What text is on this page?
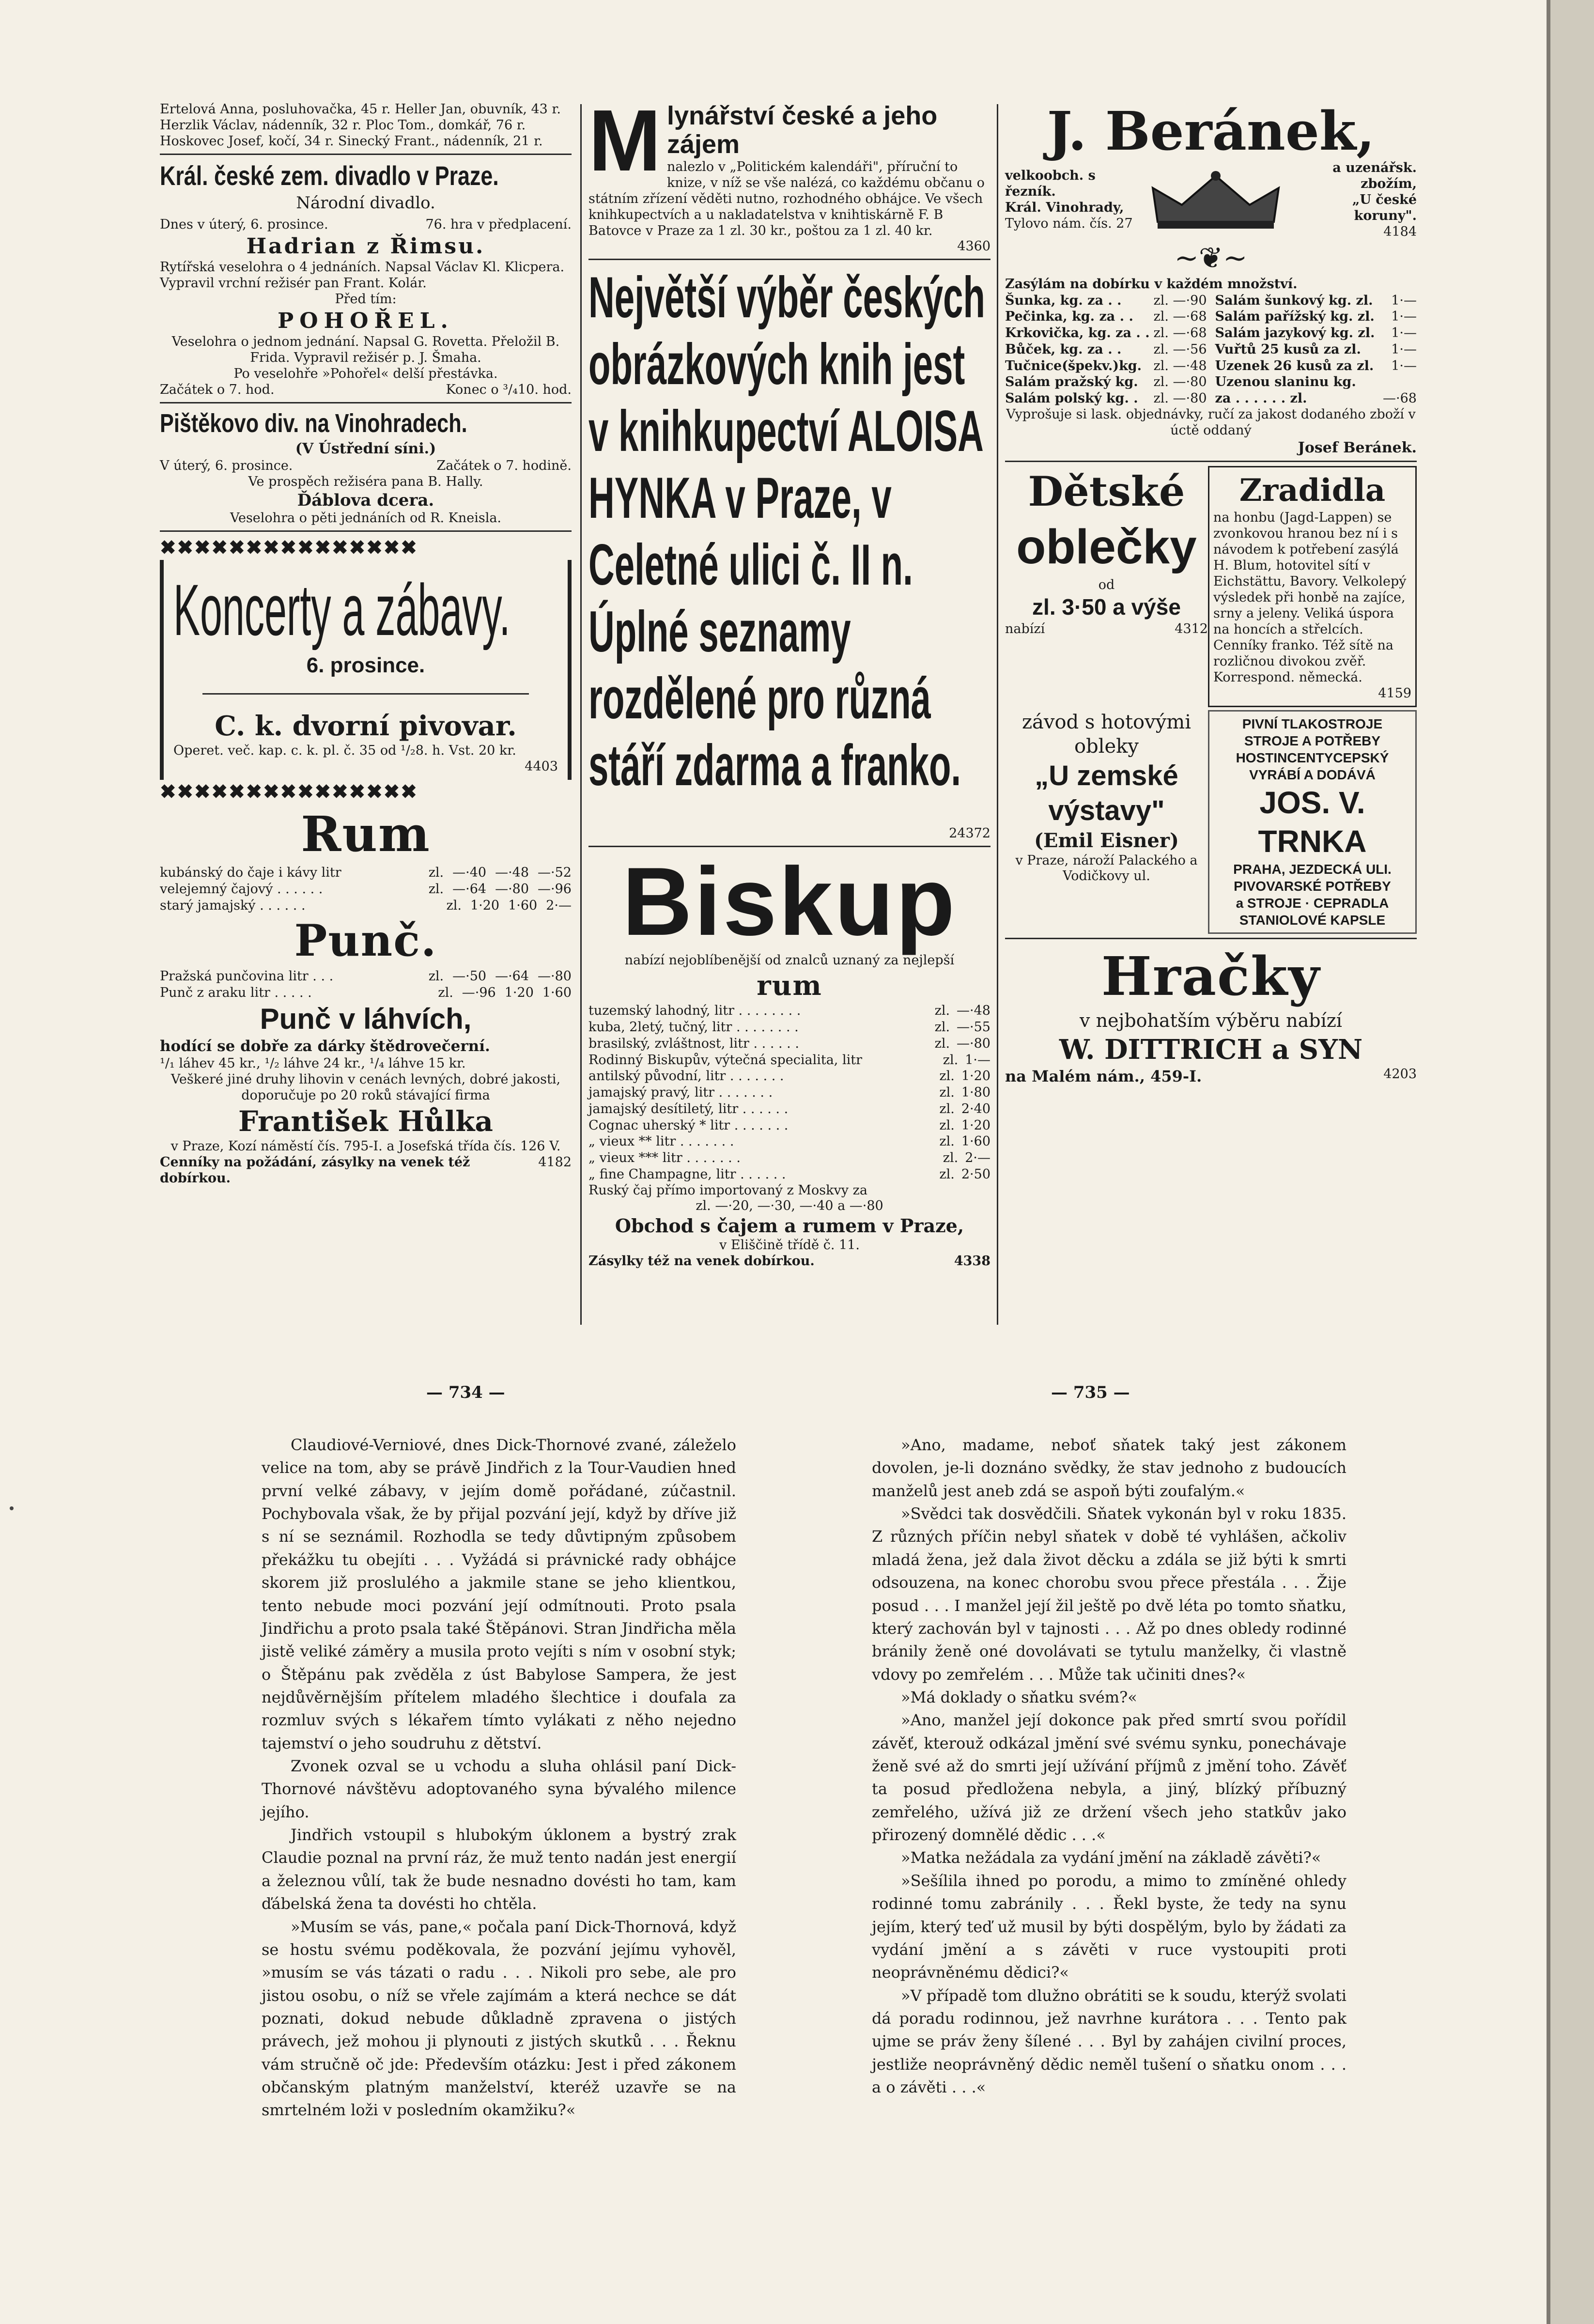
Ertelová Anna, posluhovačka, 45 r. Heller Jan, obuvník, 43 r. Herzlik Václav, nádenník, 32 r. Ploc Tom., domkář, 76 r. Hoskovec Josef, kočí, 34 r. Sinecký Frant., nádenník, 21 r.
Král. české zem. divadlo v Praze.
Národní divadlo.
Dnes v úterý, 6. prosince.	76. hra v předplacení.
Hadrian z Řimsu.
Rytířská veselohra o 4 jednáních. Napsal Václav Kl. Klicpera. Vypravil vrchní režisér pan Frant. Kolár.
Před tím:
POHOŘEL.
Veselohra o jednom jednání. Napsal G. Rovetta. Přeložil B. Frida. Vypravil režisér p. J. Šmaha.
Po veselohře »Pohořel« delší přestávka.
Začátek o 7. hod.	Konec o ³/₄10. hod.
Pištěkovo div. na Vinohradech.
(V Ústřední síni.)
V úterý, 6. prosince.	Začátek o 7. hodině.
Ve prospěch režiséra pana B. Hally.
Ďáblova dcera.
Veselohra o pěti jednáních od R. Kneisla.
✖✖✖✖✖✖✖✖✖✖✖✖✖✖✖
Koncerty a zábavy.
6. prosince.
C. k. dvorní pivovar.
Operet. več. kap. c. k. pl. č. 35 od ¹/₂8. h. Vst. 20 kr.
4403
✖✖✖✖✖✖✖✖✖✖✖✖✖✖✖
Rum
kubánský do čaje i kávy litr	zl. —·40 —·48 —·52
velejemný čajový . . . . . .	zl. —·64 —·80 —·96
starý jamajský . . . . . .	zl. 1·20 1·60 2·—
Punč.
Pražská punčovina litr . . .	zl. —·50 —·64 —·80
Punč z araku litr . . . . .	zl. —·96 1·20 1·60
Punč v láhvích,
hodící se dobře za dárky štědrovečerní.
¹/₁ láhev 45 kr., ¹/₂ láhve 24 kr., ¹/₄ láhve 15 kr.
Veškeré jiné druhy lihovin v cenách levných, dobré jakosti, doporučuje po 20 roků stávající firma
František Hůlka
v Praze, Kozí náměstí čís. 795-I. a Josefská třída čís. 126 V.
Cenníky na požádání, zásylky na venek též dobírkou.
4182
M lynářství české a jeho zájem
nalezlo v „Politickém kalendáři", příruční to knize, v níž se vše nalézá, co každému občanu o státním zřízení věděti nutno, rozhodného obhájce. Ve všech knihkupectvích a u nakladatelstva v knihtiskárně F. B Batovce v Praze za 1 zl. 30 kr., poštou za 1 zl. 40 kr.
4360
Největší výběr českých obrázkových knih jest v knihkupectví ALOISA HYNKA v Praze, v Celetné ulici č. II n. Úplné seznamy rozdělené pro různá stáří zdarma a franko.
24372
Biskup
nabízí nejoblíbenější od znalců uznaný za nejlepší
rum
tuzemský lahodný, litr . . . . . . . .	zl. —·48
kuba, 2letý, tučný, litr . . . . . . . .	zl. —·55
brasilský, zvláštnost, litr . . . . . .	zl. —·80
Rodinný Biskupův, výtečná specialita, litr	zl. 1·—
antilský původní, litr . . . . . . .	zl. 1·20
jamajský pravý, litr . . . . . . .	zl. 1·80
jamajský desítiletý, litr . . . . . .	zl. 2·40
Cognac uherský * litr . . . . . . .	zl. 1·20
„ vieux ** litr . . . . . . .	zl. 1·60
„ vieux *** litr . . . . . . .	zl. 2·—
„ fine Champagne, litr . . . . . .	zl. 2·50
Ruský čaj přímo importovaný z Moskvy za
zl. —·20, —·30, —·40 a —·80
Obchod s čajem a rumem v Praze,
v Eliščině třídě č. 11.
Zásylky též na venek dobírkou.	4338
J. Beránek,
velkoobch. s řezník.
Král. Vinohrady,
Tylovo nám. čís. 27
a uzenářsk. zbožím,
„U české koruny".
4184
~❦~
Zasýlám na dobírku v každém množství.
Šunka, kg. za . . zl. —·90
Pečinka, kg. za . . zl. —·68
Krkovička, kg. za . . zl. —·68
Bůček, kg. za . . zl. —·56
Tučnice(špekv.)kg. zl. —·48
Salám pražský kg. zl. —·80
Salám polský kg. . zl. —·80
Salám šunkový kg. zl. 1·—
Salám pařížský kg. zl. 1·—
Salám jazykový kg. zl. 1·—
Vuřtů 25 kusů za zl. 1·—
Uzenek 26 kusů za zl. 1·—
Uzenou slaninu kg.
za . . . . . . zl.	—·68
Vyprošuje si lask. objednávky, ručí za jakost dodaného zboží v úctě oddaný
Josef Beránek.
Dětské
oblečky
od
zl. 3·50 a výše
nabízí	4312
Zradidla
na honbu (Jagd-Lappen) se zvonkovou hranou bez ní i s návodem k potřebení zasýlá H. Blum, hotovitel sítí v Eichstättu, Bavory. Velkolepý výsledek při honbě na zajíce, srny a jeleny. Veliká úspora na honcích a střelcích. Cenníky franko. Též sítě na rozličnou divokou zvěř. Korrespond. německá.
4159
závod s hotovými obleky
„U zemské výstavy"
(Emil Eisner)
v Praze, nároží Palackého a Vodičkovy ul.
PIVNÍ TLAKOSTROJE
STROJE A POTŘEBY
HOSTINCENTYCEPSKÝ
VYRÁBÍ A DODÁVÁ
JOS. V. TRNKA
PRAHA, JEZDECKÁ ULI.
PIVOVARSKÉ POTŘEBY
a STROJE · CEPRADLA
STANIOLOVÉ KAPSLE
Hračky
v nejbohatším výběru nabízí
W. DITTRICH a SYN
na Malém nám., 459-I.	4203
— 734 —	— 735 —

Claudiové-Verniové, dnes Dick-Thornové zvané, záleželo velice na tom, aby se právě Jindřich z la Tour-Vaudien hned první velké zábavy, v jejím domě pořádané, zúčastnil. Pochybovala však, že by přijal pozvání její, když by dříve již s ní se seznámil. Rozhodla se tedy důvtipným způsobem překážku tu obejíti . . . Vyžádá si právnické rady obhájce skorem již proslulého a jakmile stane se jeho klientkou, tento nebude moci pozvání její odmítnouti. Proto psala Jindřichu a proto psala také Štěpánovi. Stran Jindřicha měla jistě veliké záměry a musila proto vejíti s ním v osobní styk; o Štěpánu pak zvěděla z úst Babylose Sampera, že jest nejdůvěrnějším přítelem mladého šlechtice i doufala za rozmluv svých s lékařem tímto vylákati z něho nejedno tajemství o jeho soudruhu z dětství.

Zvonek ozval se u vchodu a sluha ohlásil paní Dick-Thornové návštěvu adoptovaného syna bývalého milence jejího.

Jindřich vstoupil s hlubokým úklonem a bystrý zrak Claudie poznal na první ráz, že muž tento nadán jest energií a železnou vůlí, tak že bude nesnadno dovésti ho tam, kam ďábelská žena ta dovésti ho chtěla.

»Musím se vás, pane,« počala paní Dick-Thornová, když se hostu svému poděkovala, že pozvání jejímu vyhověl, »musím se vás tázati o radu . . . Nikoli pro sebe, ale pro jistou osobu, o níž se vřele zajímám a která nechce se dát poznati, dokud nebude důkladně zpravena o jistých právech, jež mohou ji plynouti z jistých skutků . . . Řeknu vám stručně oč jde: Především otázku: Jest i před zákonem občanským platným manželství, kteréž uzavře se na smrtelném loži v posledním okamžiku?«

»Ano, madame, neboť sňatek taký jest zákonem dovolen, je-li doznáno svědky, že stav jednoho z budoucích manželů jest aneb zdá se aspoň býti zoufalým.«

»Svědci tak dosvědčili. Sňatek vykonán byl v roku 1835. Z různých příčin nebyl sňatek v době té vyhlášen, ačkoliv mladá žena, jež dala život děcku a zdála se již býti k smrti odsouzena, na konec chorobu svou přece přestála . . . Žije posud . . . I manžel její žil ještě po dvě léta po tomto sňatku, který zachován byl v tajnosti . . . Až po dnes obledy rodinné bránily ženě oné dovolávati se tytulu manželky, či vlastně vdovy po zemřelém . . . Může tak učiniti dnes?«

»Má doklady o sňatku svém?«

»Ano, manžel její dokonce pak před smrtí svou pořídil závěť, kterouž odkázal jmění své svému synku, ponechávaje ženě své až do smrti její užívání příjmů z jmění toho. Závěť ta posud předložena nebyla, a jiný, blízký příbuzný zemřelého, užívá již ze držení všech jeho statkův jako přirozený domnělé dědic . . .«

»Matka nežádala za vydání jmění na základě závěti?«

»Sešílila ihned po porodu, a mimo to zmíněné ohledy rodinné tomu zabránily . . . Řekl byste, že tedy na synu jejím, který teď už musil by býti dospělým, bylo by žádati za vydání jmění a s závěti v ruce vystoupiti proti neoprávněnému dědici?«

»V případě tom dlužno obrátiti se k soudu, kterýž svolati dá poradu rodinnou, jež navrhne kurátora . . . Tento pak ujme se práv ženy šílené . . . Byl by zahájen civilní proces, jestliže neoprávněný dědic neměl tušení o sňatku onom . . . a o závěti . . .«
